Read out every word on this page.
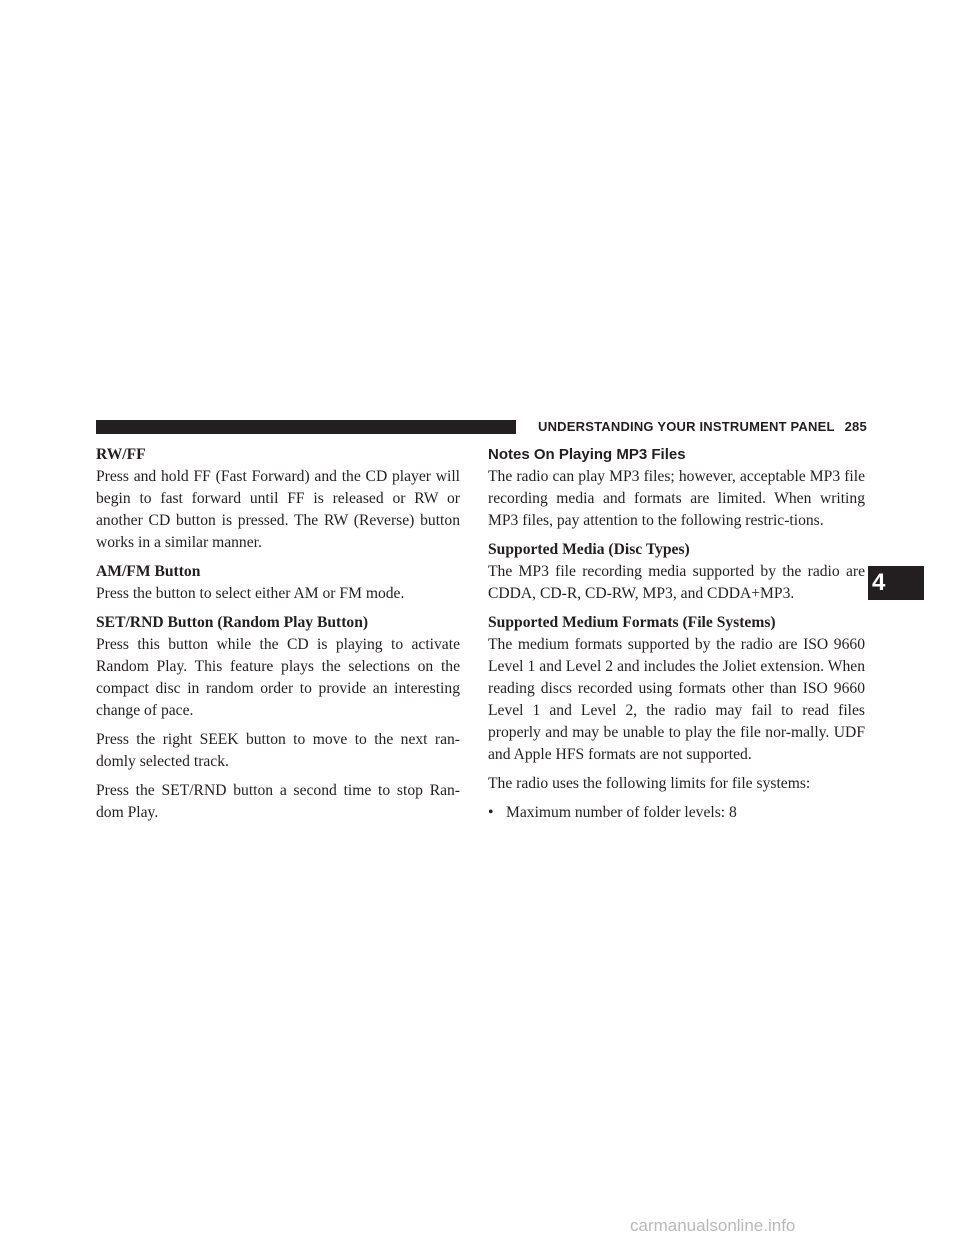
UNDERSTANDING YOUR INSTRUMENT PANEL 285
RW/FF

Press and hold FF (Fast Forward) and the CD player will begin to fast forward until FF is released or RW or another CD button is pressed. The RW (Reverse) button works in a similar manner.

AM/FM Button

Press the button to select either AM or FM mode.

SET/RND Button (Random Play Button)

Press this button while the CD is playing to activate Random Play. This feature plays the selections on the compact disc in random order to provide an interesting change of pace.

Press the right SEEK button to move to the next ran-domly selected track.

Press the SET/RND button a second time to stop Ran-dom Play.

Notes On Playing MP3 Files

The radio can play MP3 files; however, acceptable MP3 file recording media and formats are limited. When writing MP3 files, pay attention to the following restric-tions.

Supported Media (Disc Types)

The MP3 file recording media supported by the radio are CDDA, CD-R, CD-RW, MP3, and CDDA+MP3.

Supported Medium Formats (File Systems)

The medium formats supported by the radio are ISO 9660 Level 1 and Level 2 and includes the Joliet extension. When reading discs recorded using formats other than ISO 9660 Level 1 and Level 2, the radio may fail to read files properly and may be unable to play the file nor-mally. UDF and Apple HFS formats are not supported.

The radio uses the following limits for file systems:

• Maximum number of folder levels: 8
4
carmanualsonline.info
